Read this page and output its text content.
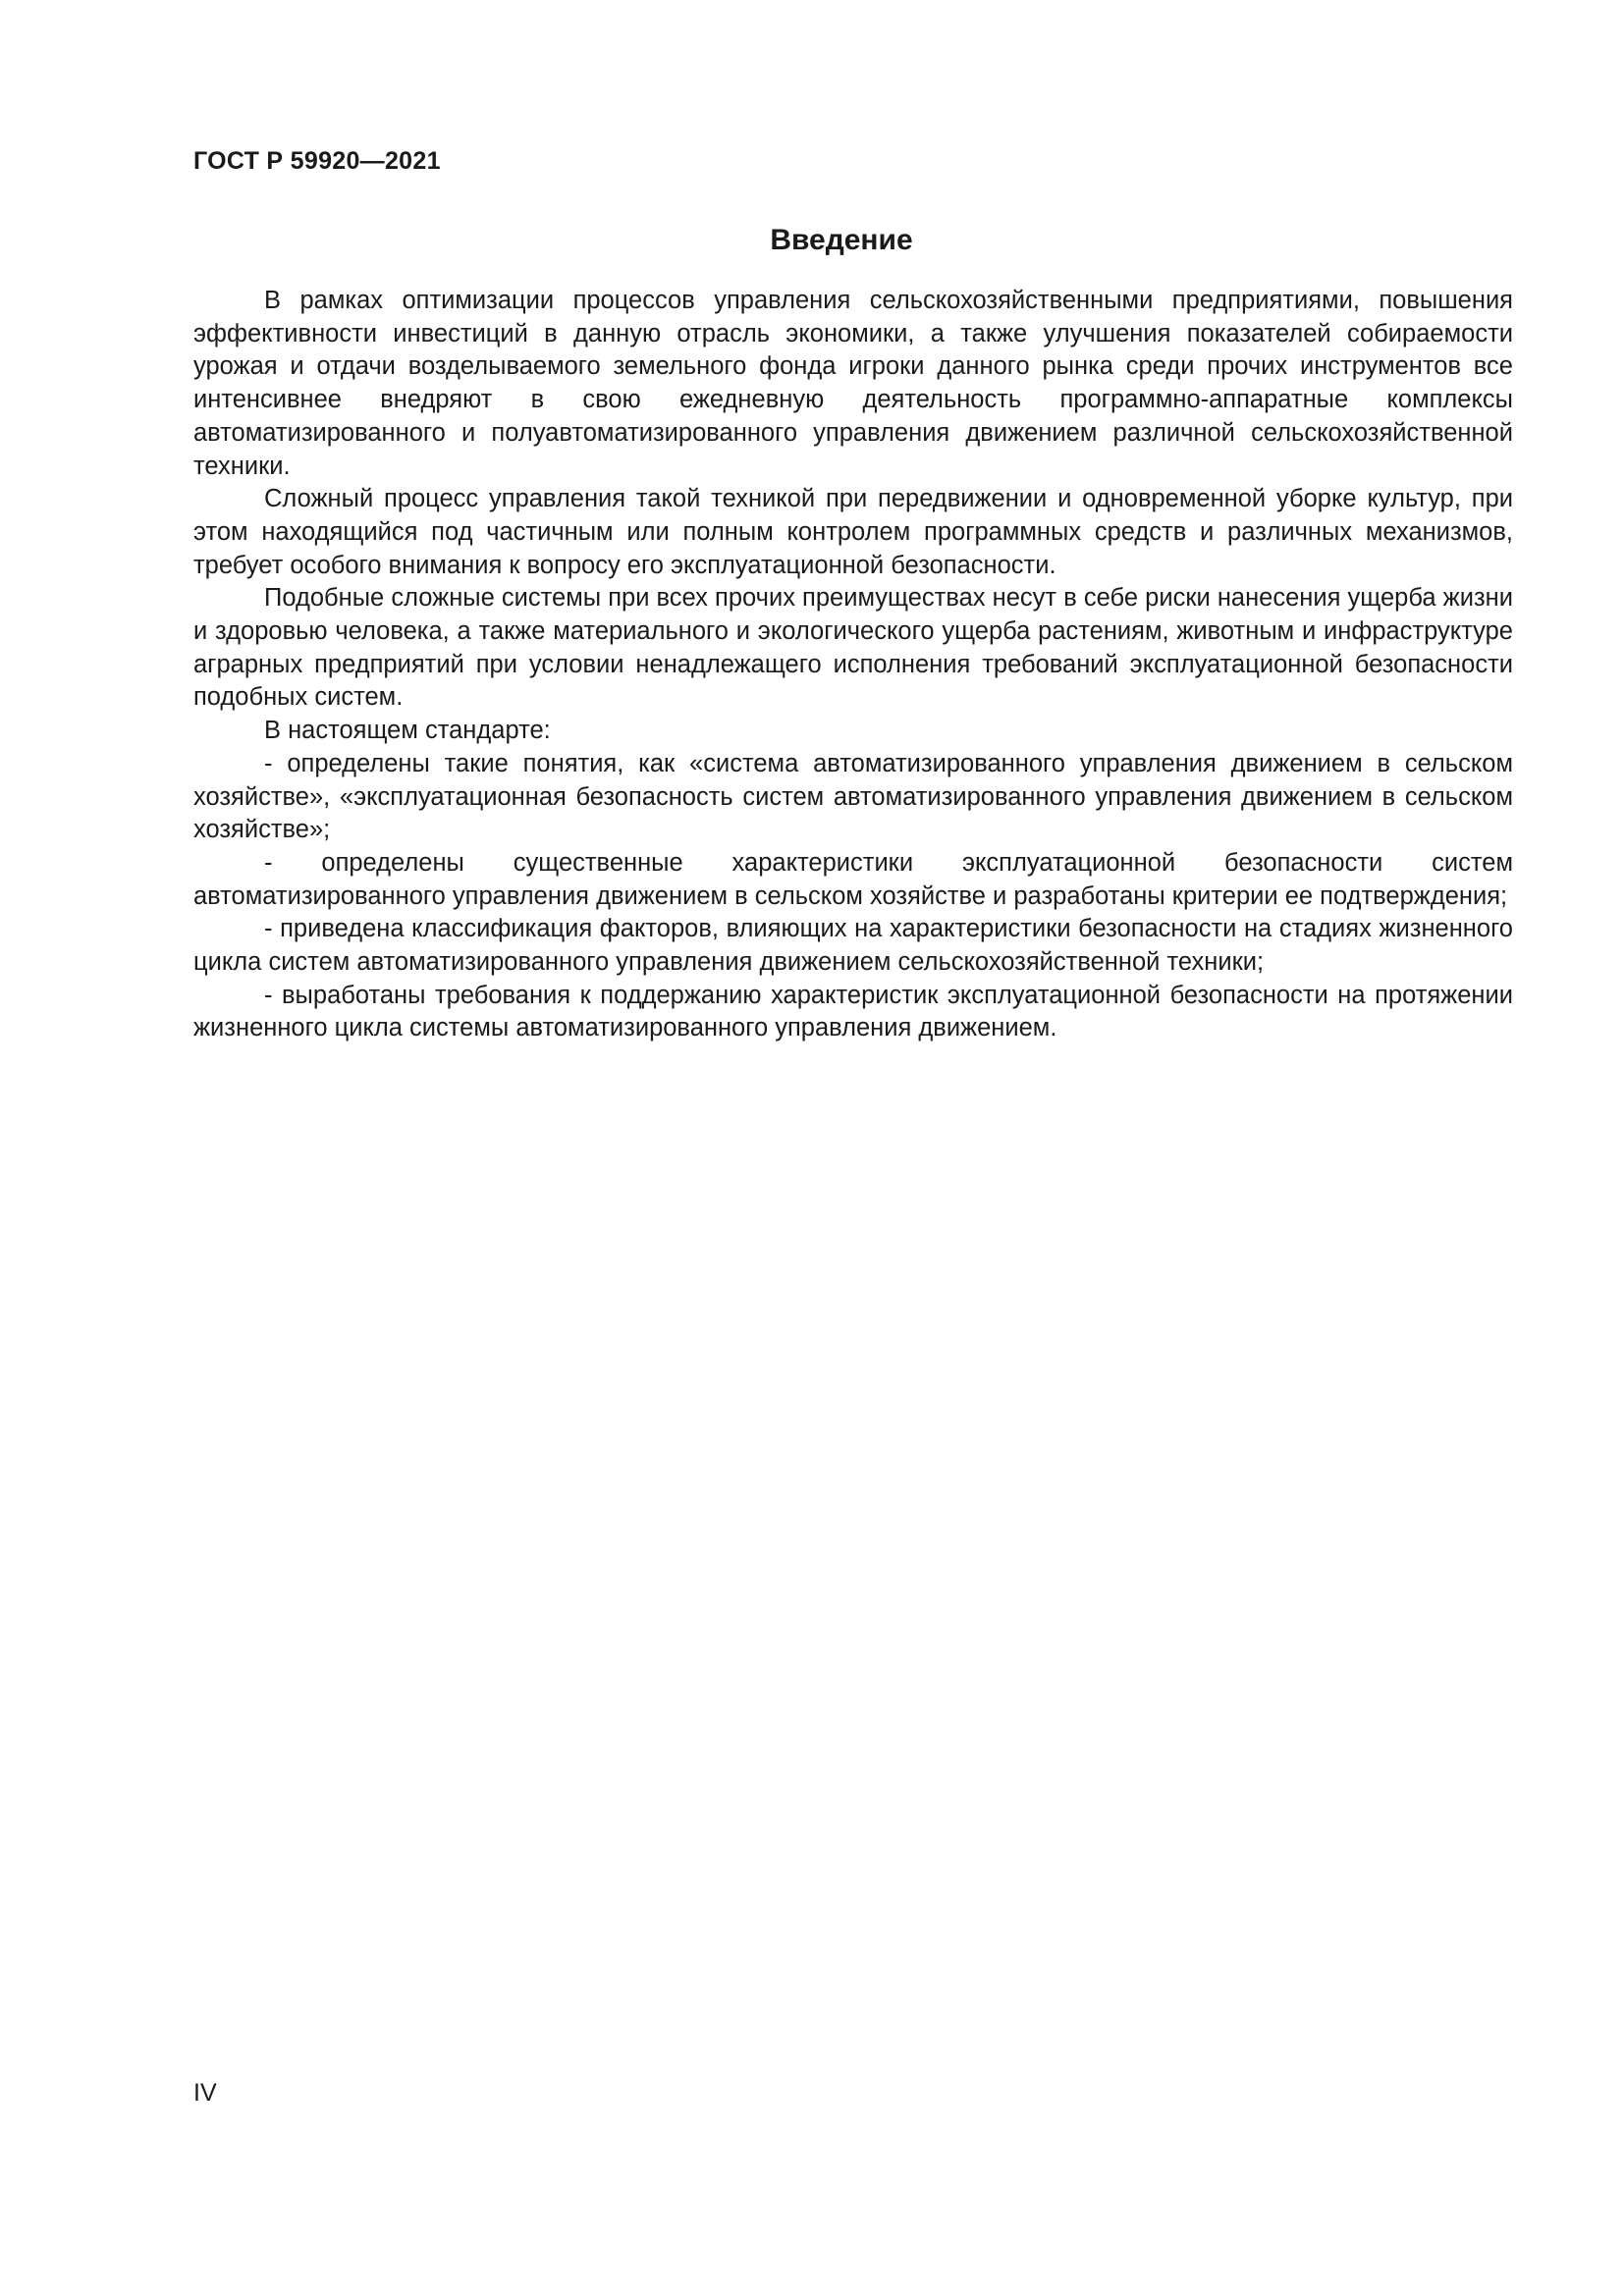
ГОСТ Р 59920—2021
Введение

В рамках оптимизации процессов управления сельскохозяйственными предприятиями, повышения эффективности инвестиций в данную отрасль экономики, а также улучшения показателей собираемости урожая и отдачи возделываемого земельного фонда игроки данного рынка среди прочих инструментов все интенсивнее внедряют в свою ежедневную деятельность программно-аппаратные комплексы автоматизированного и полуавтоматизированного управления движением различной сельскохозяйственной техники.

Сложный процесс управления такой техникой при передвижении и одновременной уборке культур, при этом находящийся под частичным или полным контролем программных средств и различных механизмов, требует особого внимания к вопросу его эксплуатационной безопасности.

Подобные сложные системы при всех прочих преимуществах несут в себе риски нанесения ущерба жизни и здоровью человека, а также материального и экологического ущерба растениям, животным и инфраструктуре аграрных предприятий при условии ненадлежащего исполнения требований эксплуатационной безопасности подобных систем.

В настоящем стандарте:

- определены такие понятия, как «система автоматизированного управления движением в сельском хозяйстве», «эксплуатационная безопасность систем автоматизированного управления движением в сельском хозяйстве»;

- определены существенные характеристики эксплуатационной безопасности систем автоматизированного управления движением в сельском хозяйстве и разработаны критерии ее подтверждения;

- приведена классификация факторов, влияющих на характеристики безопасности на стадиях жизненного цикла систем автоматизированного управления движением сельскохозяйственной техники;

- выработаны требования к поддержанию характеристик эксплуатационной безопасности на протяжении жизненного цикла системы автоматизированного управления движением.

IV
